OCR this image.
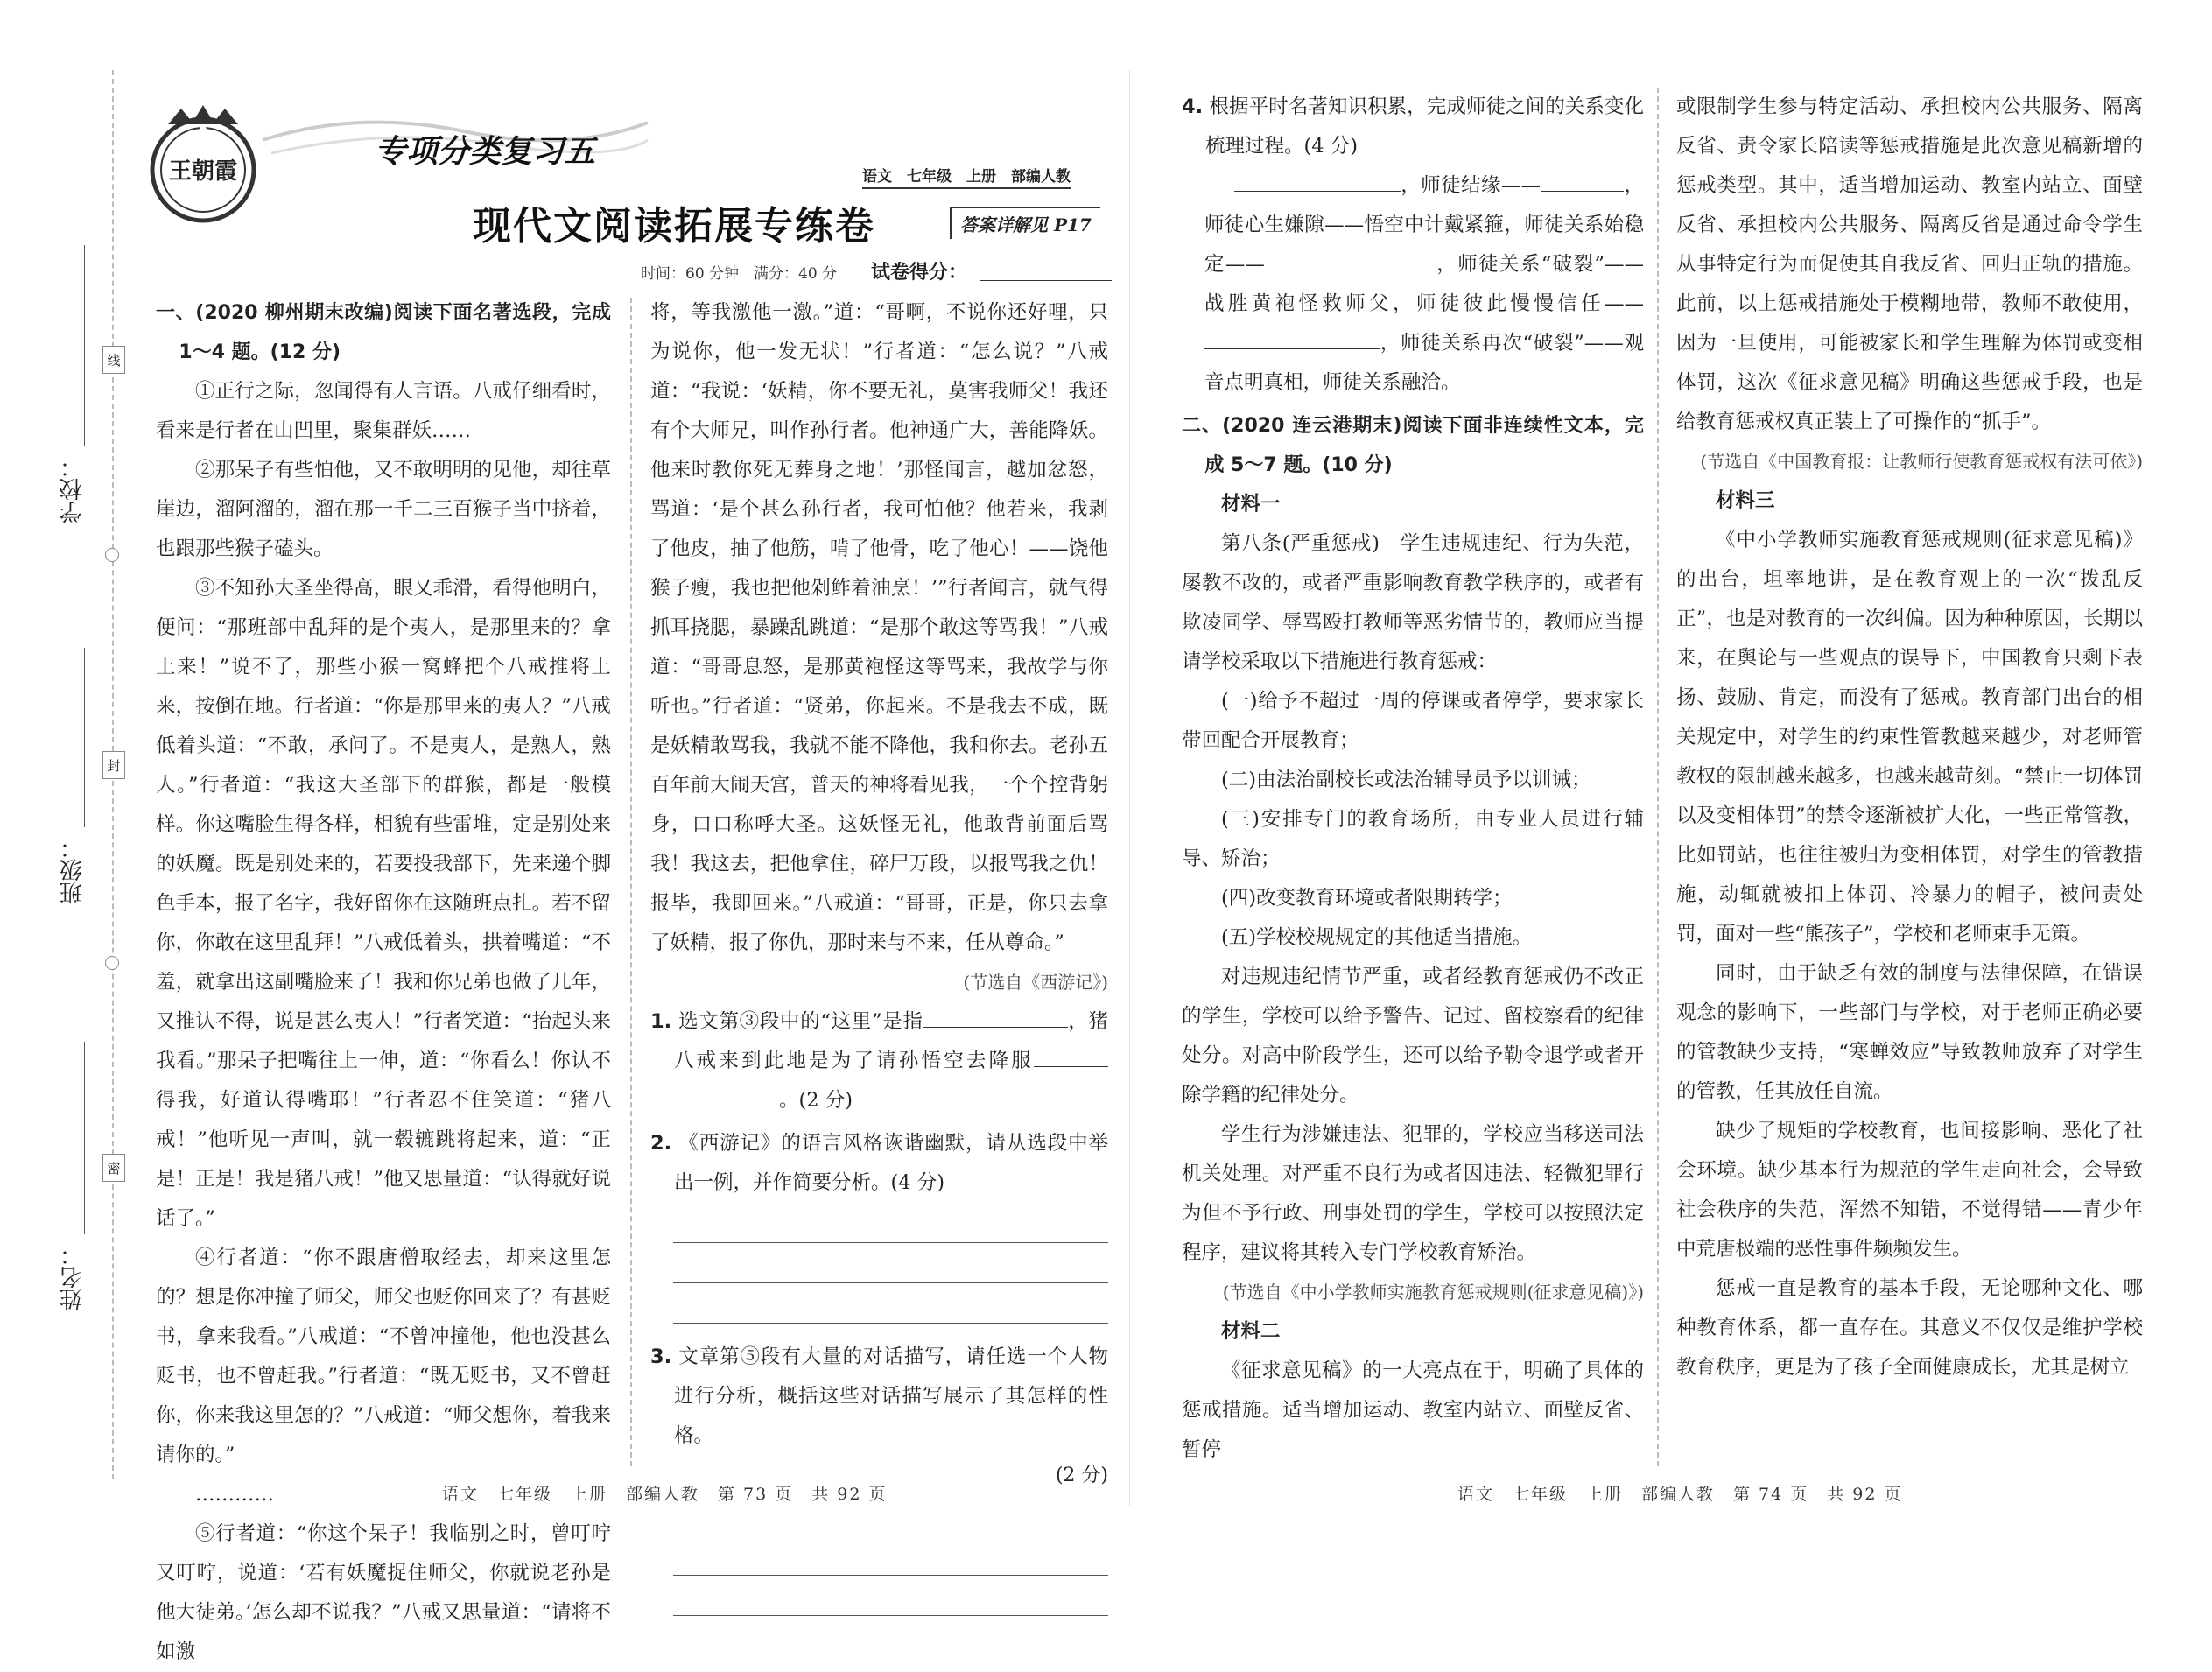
线
封
密
学校：
班级：
姓名：
王朝霞
专项分类复习五
语文　七年级　上册　部编人教
现代文阅读拓展专练卷	答案详解见 P17
时间：60 分钟　满分：40 分 试卷得分：

一、(2020 柳州期末改编)阅读下面名著选段，完成 1～4 题。(12 分)

①正行之际，忽闻得有人言语。八戒仔细看时，看来是行者在山凹里，聚集群妖……

②那呆子有些怕他，又不敢明明的见他，却往草崖边，溜阿溜的，溜在那一千二三百猴子当中挤着，也跟那些猴子磕头。

③不知孙大圣坐得高，眼又乖滑，看得他明白，便问：“那班部中乱拜的是个夷人，是那里来的？拿上来！”说不了，那些小猴一窝蜂把个八戒推将上来，按倒在地。行者道：“你是那里来的夷人？”八戒低着头道：“不敢，承问了。不是夷人，是熟人，熟人。”行者道：“我这大圣部下的群猴，都是一般模样。你这嘴脸生得各样，相貌有些雷堆，定是别处来的妖魔。既是别处来的，若要投我部下，先来递个脚色手本，报了名字，我好留你在这随班点扎。若不留你，你敢在这里乱拜！”八戒低着头，拱着嘴道：“不羞，就拿出这副嘴脸来了！我和你兄弟也做了几年，又推认不得，说是甚么夷人！”行者笑道：“抬起头来我看。”那呆子把嘴往上一伸，道：“你看么！你认不得我，好道认得嘴耶！”行者忍不住笑道：“猪八戒！”他听见一声叫，就一毂辘跳将起来，道：“正是！正是！我是猪八戒！”他又思量道：“认得就好说话了。”

④行者道：“你不跟唐僧取经去，却来这里怎的？想是你冲撞了师父，师父也贬你回来了？有甚贬书，拿来我看。”八戒道：“不曾冲撞他，他也没甚么贬书，也不曾赶我。”行者道：“既无贬书，又不曾赶你，你来我这里怎的？”八戒道：“师父想你，着我来请你的。”

…………

⑤行者道：“你这个呆子！我临别之时，曾叮咛又叮咛，说道：‘若有妖魔捉住师父，你就说老孙是他大徒弟。’怎么却不说我？”八戒又思量道：“请将不如激

将，等我激他一激。”道：“哥啊，不说你还好哩，只为说你，他一发无状！”行者道：“怎么说？”八戒道：“我说：‘妖精，你不要无礼，莫害我师父！我还有个大师兄，叫作孙行者。他神通广大，善能降妖。他来时教你死无葬身之地！’那怪闻言，越加忿怒，骂道：‘是个甚么孙行者，我可怕他？他若来，我剥了他皮，抽了他筋，啃了他骨，吃了他心！——饶他猴子瘦，我也把他剁鲊着油烹！’”行者闻言，就气得抓耳挠腮，暴躁乱跳道：“是那个敢这等骂我！”八戒道：“哥哥息怒，是那黄袍怪这等骂来，我故学与你听也。”行者道：“贤弟，你起来。不是我去不成，既是妖精敢骂我，我就不能不降他，我和你去。老孙五百年前大闹天宫，普天的神将看见我，一个个控背躬身，口口称呼大圣。这妖怪无礼，他敢背前面后骂我！我这去，把他拿住，碎尸万段，以报骂我之仇！报毕，我即回来。”八戒道：“哥哥，正是，你只去拿了妖精，报了你仇，那时来与不来，任从尊命。”

(节选自《西游记》)

1. 选文第③段中的“这里”是指	，猪八戒来到此地是为了请孙悟空去降服。(2 分)

2. 《西游记》的语言风格诙谐幽默，请从选段中举出一例，并作简要分析。(4 分)

3. 文章第⑤段有大量的对话描写，请任选一个人物进行分析，概括这些对话描写展示了其怎样的性格。

(2 分)
语文　七年级　上册　部编人教　第 73 页　共 92 页

4. 根据平时名著知识积累，完成师徒之间的关系变化梳理过程。(4 分)

，师徒结缘——	，师徒心生嫌隙——悟空中计戴紧箍，师徒关系始稳定——	，师徒关系“破裂”——战胜黄袍怪救师父，师徒彼此慢慢信任——，师徒关系再次“破裂”——观音点明真相，师徒关系融洽。

二、(2020 连云港期末)阅读下面非连续性文本，完成 5～7 题。(10 分)

材料一

第八条(严重惩戒)　学生违规违纪、行为失范，屡教不改的，或者严重影响教育教学秩序的，或者有欺凌同学、辱骂殴打教师等恶劣情节的，教师应当提请学校采取以下措施进行教育惩戒：

(一)给予不超过一周的停课或者停学，要求家长带回配合开展教育；

(二)由法治副校长或法治辅导员予以训诫；

(三)安排专门的教育场所，由专业人员进行辅导、矫治；

(四)改变教育环境或者限期转学；

(五)学校校规规定的其他适当措施。

对违规违纪情节严重，或者经教育惩戒仍不改正的学生，学校可以给予警告、记过、留校察看的纪律处分。对高中阶段学生，还可以给予勒令退学或者开除学籍的纪律处分。

学生行为涉嫌违法、犯罪的，学校应当移送司法机关处理。对严重不良行为或者因违法、轻微犯罪行为但不予行政、刑事处罚的学生，学校可以按照法定程序，建议将其转入专门学校教育矫治。

(节选自《中小学教师实施教育惩戒规则(征求意见稿)》)

材料二

《征求意见稿》的一大亮点在于，明确了具体的惩戒措施。适当增加运动、教室内站立、面壁反省、暂停

或限制学生参与特定活动、承担校内公共服务、隔离反省、责令家长陪读等惩戒措施是此次意见稿新增的惩戒类型。其中，适当增加运动、教室内站立、面壁反省、承担校内公共服务、隔离反省是通过命令学生从事特定行为而促使其自我反省、回归正轨的措施。此前，以上惩戒措施处于模糊地带，教师不敢使用，因为一旦使用，可能被家长和学生理解为体罚或变相体罚，这次《征求意见稿》明确这些惩戒手段，也是给教育惩戒权真正装上了可操作的“抓手”。

(节选自《中国教育报：让教师行使教育惩戒权有法可依》)

材料三

《中小学教师实施教育惩戒规则(征求意见稿)》的出台，坦率地讲，是在教育观上的一次“拨乱反正”，也是对教育的一次纠偏。因为种种原因，长期以来，在舆论与一些观点的误导下，中国教育只剩下表扬、鼓励、肯定，而没有了惩戒。教育部门出台的相关规定中，对学生的约束性管教越来越少，对老师管教权的限制越来越多，也越来越苛刻。“禁止一切体罚以及变相体罚”的禁令逐渐被扩大化，一些正常管教，比如罚站，也往往被归为变相体罚，对学生的管教措施，动辄就被扣上体罚、冷暴力的帽子，被问责处罚，面对一些“熊孩子”，学校和老师束手无策。

同时，由于缺乏有效的制度与法律保障，在错误观念的影响下，一些部门与学校，对于老师正确必要的管教缺少支持，“寒蝉效应”导致教师放弃了对学生的管教，任其放任自流。

缺少了规矩的学校教育，也间接影响、恶化了社会环境。缺少基本行为规范的学生走向社会，会导致社会秩序的失范，浑然不知错，不觉得错——青少年中荒唐极端的恶性事件频频发生。

惩戒一直是教育的基本手段，无论哪种文化、哪种教育体系，都一直存在。其意义不仅仅是维护学校教育秩序，更是为了孩子全面健康成长，尤其是树立

语文　七年级　上册　部编人教　第 74 页　共 92 页
